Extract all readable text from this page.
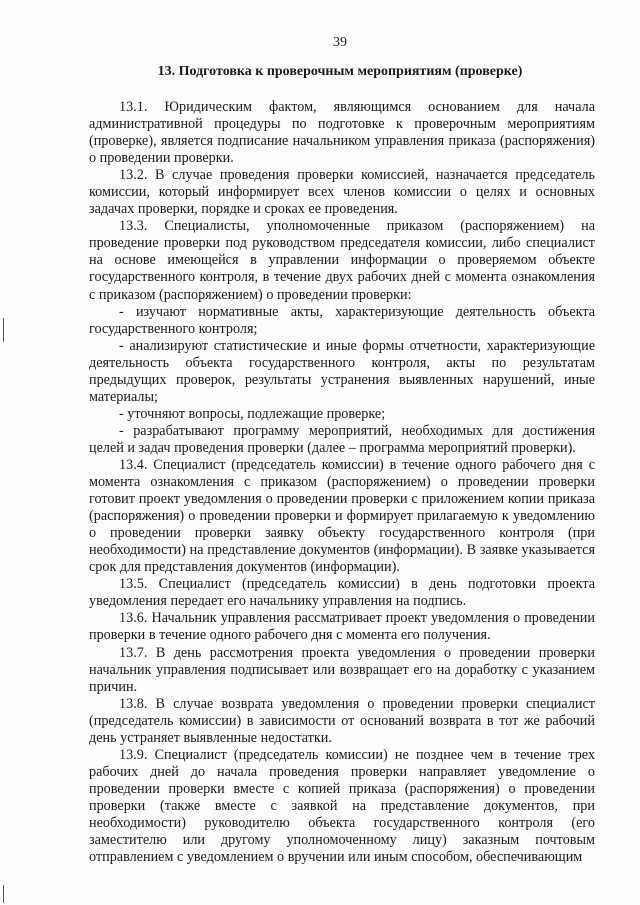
39
13. Подготовка к проверочным мероприятиям (проверке)

13.1. Юридическим фактом, являющимся основанием для начала административной процедуры по подготовке к проверочным мероприятиям (проверке), является подписание начальником управления приказа (распоряжения) о проведении проверки.

13.2. В случае проведения проверки комиссией, назначается председатель комиссии, который информирует всех членов комиссии о целях и основных задачах проверки, порядке и сроках ее проведения.

13.3. Специалисты, уполномоченные приказом (распоряжением) на проведение проверки под руководством председателя комиссии, либо специалист на основе имеющейся в управлении информации о проверяемом объекте государственного контроля, в течение двух рабочих дней с момента ознакомления с приказом (распоряжением) о проведении проверки:

- изучают нормативные акты, характеризующие деятельность объекта государственного контроля;

- анализируют статистические и иные формы отчетности, характеризующие деятельность объекта государственного контроля, акты по результатам предыдущих проверок, результаты устранения выявленных нарушений, иные материалы;

- уточняют вопросы, подлежащие проверке;

- разрабатывают программу мероприятий, необходимых для достижения целей и задач проведения проверки (далее – программа мероприятий проверки).

13.4. Специалист (председатель комиссии) в течение одного рабочего дня с момента ознакомления с приказом (распоряжением) о проведении проверки готовит проект уведомления о проведении проверки с приложением копии приказа (распоряжения) о проведении проверки и формирует прилагаемую к уведомлению о проведении проверки заявку объекту государственного контроля (при необходимости) на представление документов (информации). В заявке указывается срок для представления документов (информации).

13.5. Специалист (председатель комиссии) в день подготовки проекта уведомления передает его начальнику управления на подпись.

13.6. Начальник управления рассматривает проект уведомления о проведении проверки в течение одного рабочего дня с момента его получения.

13.7. В день рассмотрения проекта уведомления о проведении проверки начальник управления подписывает или возвращает его на доработку с указанием причин.

13.8. В случае возврата уведомления о проведении проверки специалист (председатель комиссии) в зависимости от оснований возврата в тот же рабочий день устраняет выявленные недостатки.

13.9. Специалист (председатель комиссии) не позднее чем в течение трех рабочих дней до начала проведения проверки направляет уведомление о проведении проверки вместе с копией приказа (распоряжения) о проведении проверки (также вместе с заявкой на представление документов, при необходимости) руководителю объекта государственного контроля (его заместителю или другому уполномоченному лицу) заказным почтовым отправлением с уведомлением о вручении или иным способом, обеспечивающим
